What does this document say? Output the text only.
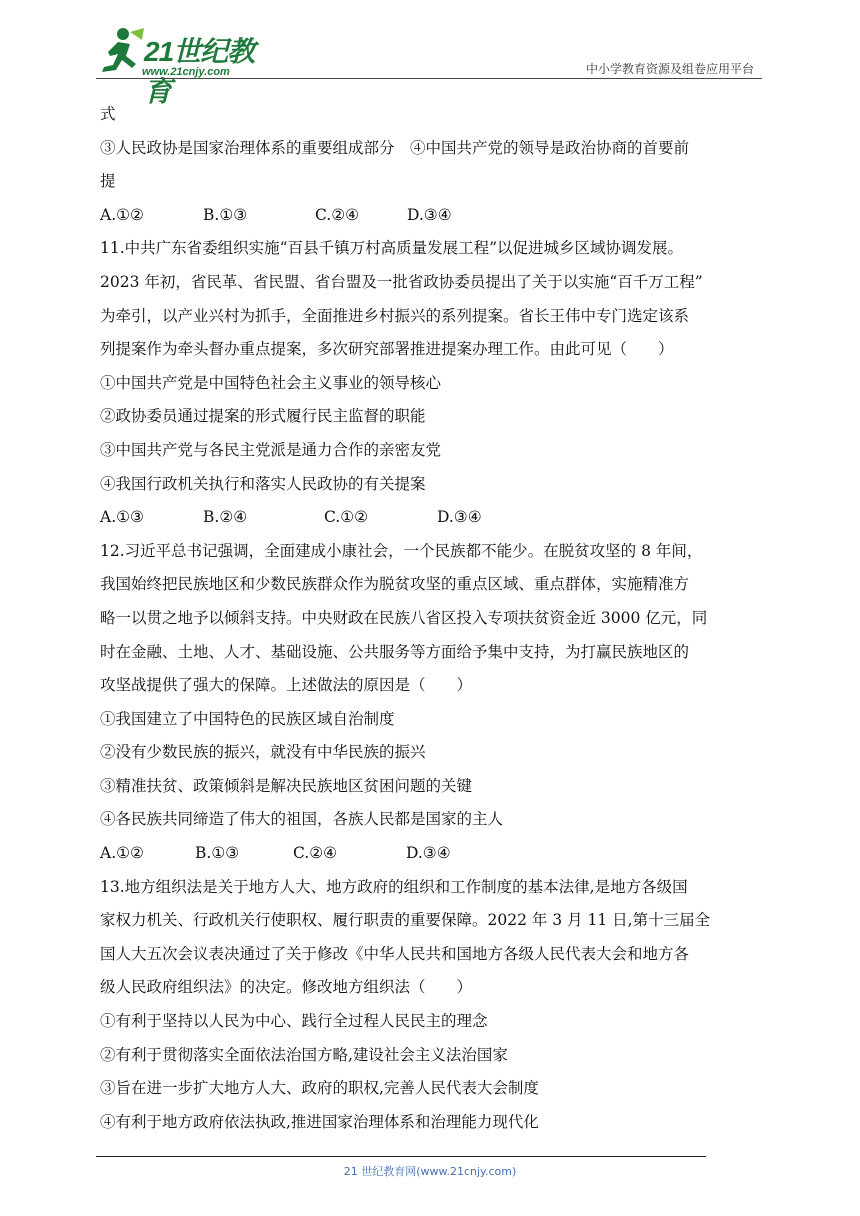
21世纪教育
www.21cnjy.com	中小学教育资源及组卷应用平台
式
③人民政协是国家治理体系的重要组成部分　④中国共产党的领导是政治协商的首要前
提
A.①②	B.①③	C.②④	D.③④
11.中共广东省委组织实施“百县千镇万村高质量发展工程”以促进城乡区域协调发展。
2023 年初，省民革、省民盟、省台盟及一批省政协委员提出了关于以实施“百千万工程”
为牵引，以产业兴村为抓手，全面推进乡村振兴的系列提案。省长王伟中专门选定该系
列提案作为牵头督办重点提案，多次研究部署推进提案办理工作。由此可见（　　）
①中国共产党是中国特色社会主义事业的领导核心
②政协委员通过提案的形式履行民主监督的职能
③中国共产党与各民主党派是通力合作的亲密友党
④我国行政机关执行和落实人民政协的有关提案
A.①③	B.②④	C.①②	D.③④
12.习近平总书记强调，全面建成小康社会，一个民族都不能少。在脱贫攻坚的 8 年间，
我国始终把民族地区和少数民族群众作为脱贫攻坚的重点区域、重点群体，实施精准方
略一以贯之地予以倾斜支持。中央财政在民族八省区投入专项扶贫资金近 3000 亿元，同
时在金融、土地、人才、基础设施、公共服务等方面给予集中支持，为打赢民族地区的
攻坚战提供了强大的保障。上述做法的原因是（　　）
①我国建立了中国特色的民族区域自治制度
②没有少数民族的振兴，就没有中华民族的振兴
③精准扶贫、政策倾斜是解决民族地区贫困问题的关键
④各民族共同缔造了伟大的祖国，各族人民都是国家的主人
A.①②	B.①③	C.②④	D.③④
13.地方组织法是关于地方人大、地方政府的组织和工作制度的基本法律,是地方各级国
家权力机关、行政机关行使职权、履行职责的重要保障。2022 年 3 月 11 日,第十三届全
国人大五次会议表决通过了关于修改《中华人民共和国地方各级人民代表大会和地方各
级人民政府组织法》的决定。修改地方组织法（　　）
①有利于坚持以人民为中心、践行全过程人民民主的理念
②有利于贯彻落实全面依法治国方略,建设社会主义法治国家
③旨在进一步扩大地方人大、政府的职权,完善人民代表大会制度
④有利于地方政府依法执政,推进国家治理体系和治理能力现代化
21 世纪教育网(www.21cnjy.com)
